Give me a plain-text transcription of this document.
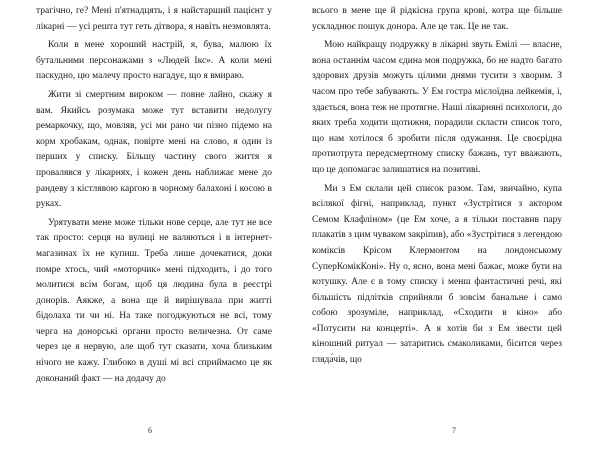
трагічно, ге? Мені п'ятнадцять, і я найстарший пацієнт у лікарні — усі решта тут геть дітвора, я навіть незмовлята.

Коли в мене хороший настрій, я, бува, малюю їх бутальними персонажами з «Людей Ікс». А коли мені паскудно, цю малечу просто нагадує, що я вмираю.

Жити зі смертним вироком — повне лайно, скажу я вам. Якийсь розумака може тут вставити недолугу ремаркочку, що, мовляв, усі ми рано чи пізно підемо на корм хробакам, однак, повірте мені на слово, я один із перших у списку. Більшу частину свого життя я провалявся у лікарнях, і кожен день наближає мене до рандеву з кістлявою каргою в чорному балахоні і косою в руках.

Урятувати мене може тільки нове серце, але тут не все так просто: серця на вулиці не валяються і в інтернет-магазинах їх не купиш. Треба лише дочекатися, доки помре хтось, чий «моторчик» мені підходить, і до того молитися всім богам, щоб ця людина була в реєстрі донорів. Аякже, а вона ще й вирішувала при житті бідолаха ти чи ні. На таке погоджуються не всі, тому черга на донорські органи просто величезна. От саме через це я нервую, але щоб тут сказати, хоча близьким нічого не кажу. Глибоко в душі мі всі сприймаємо це як доконаний факт — на додачу до

6

всього в мене ще й рідкісна група крові, котра ще більше ускладнює пошук донора. Але це так. Це не так.

Мою найкращу подружку в лікарні звуть Емілі — власне, вона останнім часом єдина моя подружка, бо не надто багато здорових друзів можуть цілими днями тусити з хворим. З часом про тебе забувають. У Ем гостра мієлоїдна лейкемія, і, здається, вона теж не протягне. Наші лікарняні психологи, до яких треба ходити щотижня, порадили скласти список того, що нам хотілося б зробити після одужання. Це своєрідна протиотрута передсмертному списку бажань, тут вважають, що це допомагає залишатися на позитиві.

Ми з Ем склали цей список разом. Там, звичайно, купа всілякої фігні, наприклад, пункт «Зустрітися з актором Семом Клафліном» (це Ем хоче, а я тільки поставив пару плакатів з цим чуваком закріпив), або «Зустрітися з легендою коміксів Крісом Клермонтом на лондонському СуперКомікКоні». Ну о, ясно, вона мені бажає, може бути на котушку. Але є в тому списку і менш фантастичні речі, які більшість підлітків сприйняли б зовсім банальне і само собою зрозуміле, наприклад, «Сходити в кіно» або «Потусити на концерті». А я хотів би з Ем звести цей кіношний ритуал — затаритись смаколиками, бісится через гляда́чів, що

7
